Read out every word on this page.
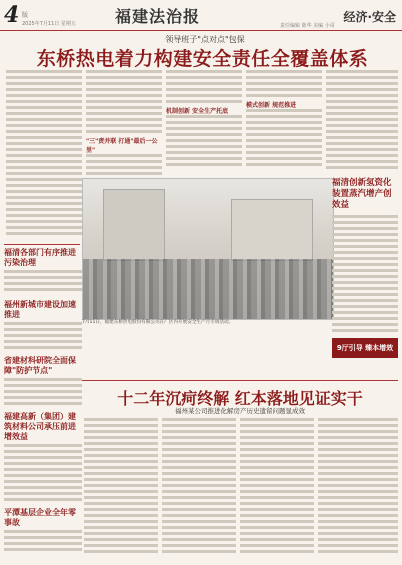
4 版	福建法治报	经济·安全
2025年7月11日 星期五	责任编辑 陈华 美编 小哥
领导班子"点对点"包保
东桥热电着力构建安全责任全覆盖体系
"三"责并联 打通"最后一公里"
机制创新 安全生产托底
模式创新 规范推进
7月11日，福建东桥热电股份有限公司在厂区内开展安全生产月专项活动。
福清各部门有序推进污染治理
福州新城市建设加速推进
省建材科研院全面保障"防护节点"
福建高新（集团）建筑材料公司承压前进增效益
平潭基层企业全年零事故
福清创新氢资化装置蒸汽增产创效益
9厅引导 臻本增效
十二年沉疴终解 红本落地见证实干
福州某公司推进化解房产历史遗留问题显成效
